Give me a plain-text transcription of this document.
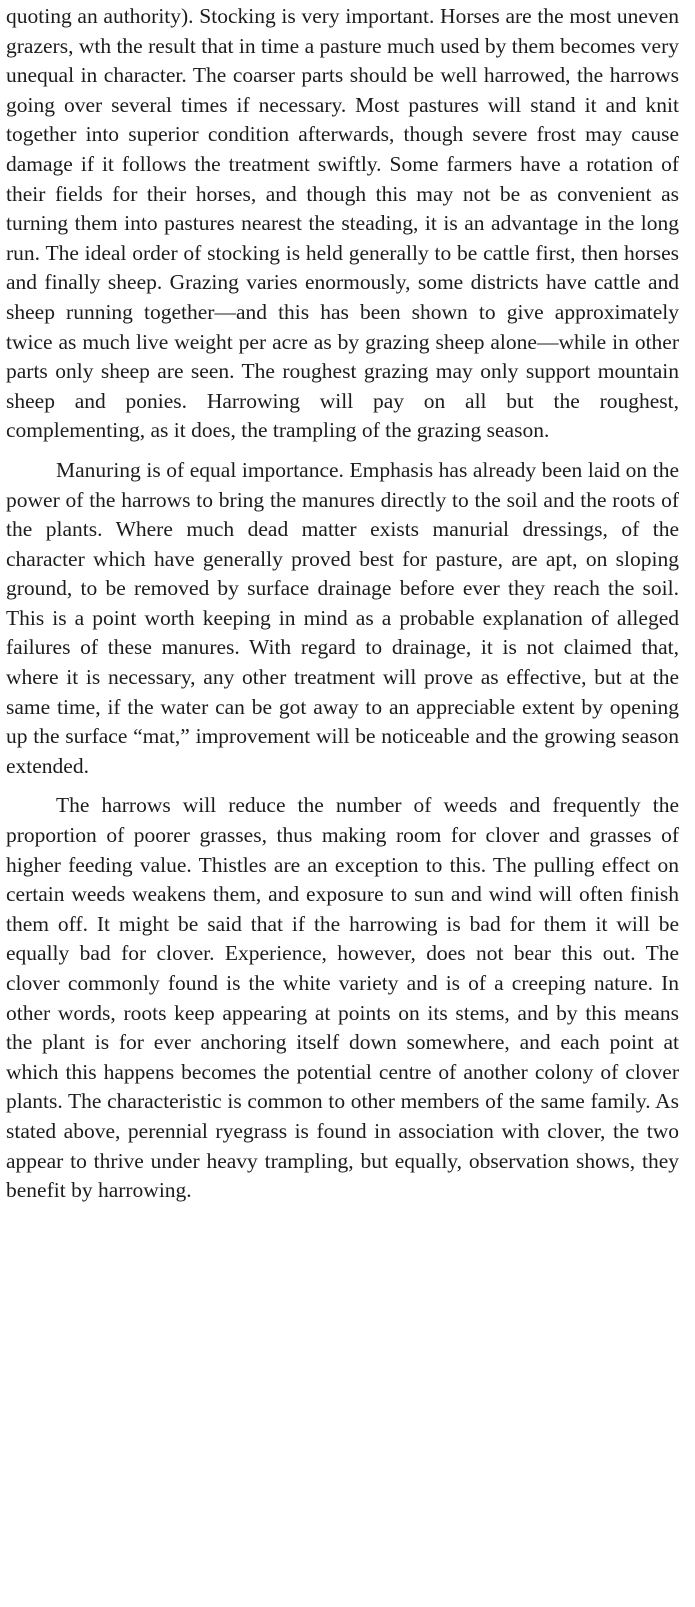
quoting an authority). Stocking is very important. Horses are the most uneven grazers, wth the result that in time a pasture much used by them becomes very unequal in character. The coarser parts should be well harrowed, the harrows going over several times if necessary. Most pastures will stand it and knit together into superior condition afterwards, though severe frost may cause damage if it follows the treatment swiftly. Some farmers have a rotation of their fields for their horses, and though this may not be as convenient as turning them into pastures nearest the steading, it is an advantage in the long run. The ideal order of stocking is held generally to be cattle first, then horses and finally sheep. Grazing varies enormously, some districts have cattle and sheep running together—and this has been shown to give approximately twice as much live weight per acre as by grazing sheep alone—while in other parts only sheep are seen. The roughest grazing may only support mountain sheep and ponies. Harrowing will pay on all but the roughest, complementing, as it does, the trampling of the grazing season.

Manuring is of equal importance. Emphasis has already been laid on the power of the harrows to bring the manures directly to the soil and the roots of the plants. Where much dead matter exists manurial dressings, of the character which have generally proved best for pasture, are apt, on sloping ground, to be removed by surface drainage before ever they reach the soil. This is a point worth keeping in mind as a probable explanation of alleged failures of these manures. With regard to drainage, it is not claimed that, where it is necessary, any other treatment will prove as effective, but at the same time, if the water can be got away to an appreciable extent by opening up the surface “mat,” improvement will be noticeable and the growing season extended.

The harrows will reduce the number of weeds and frequently the proportion of poorer grasses, thus making room for clover and grasses of higher feeding value. Thistles are an exception to this. The pulling effect on certain weeds weakens them, and exposure to sun and wind will often finish them off. It might be said that if the harrowing is bad for them it will be equally bad for clover. Experience, however, does not bear this out. The clover commonly found is the white variety and is of a creeping nature. In other words, roots keep appearing at points on its stems, and by this means the plant is for ever anchoring itself down somewhere, and each point at which this happens becomes the potential centre of another colony of clover plants. The characteristic is common to other members of the same family. As stated above, perennial ryegrass is found in association with clover, the two appear to thrive under heavy trampling, but equally, observation shows, they benefit by harrowing.
